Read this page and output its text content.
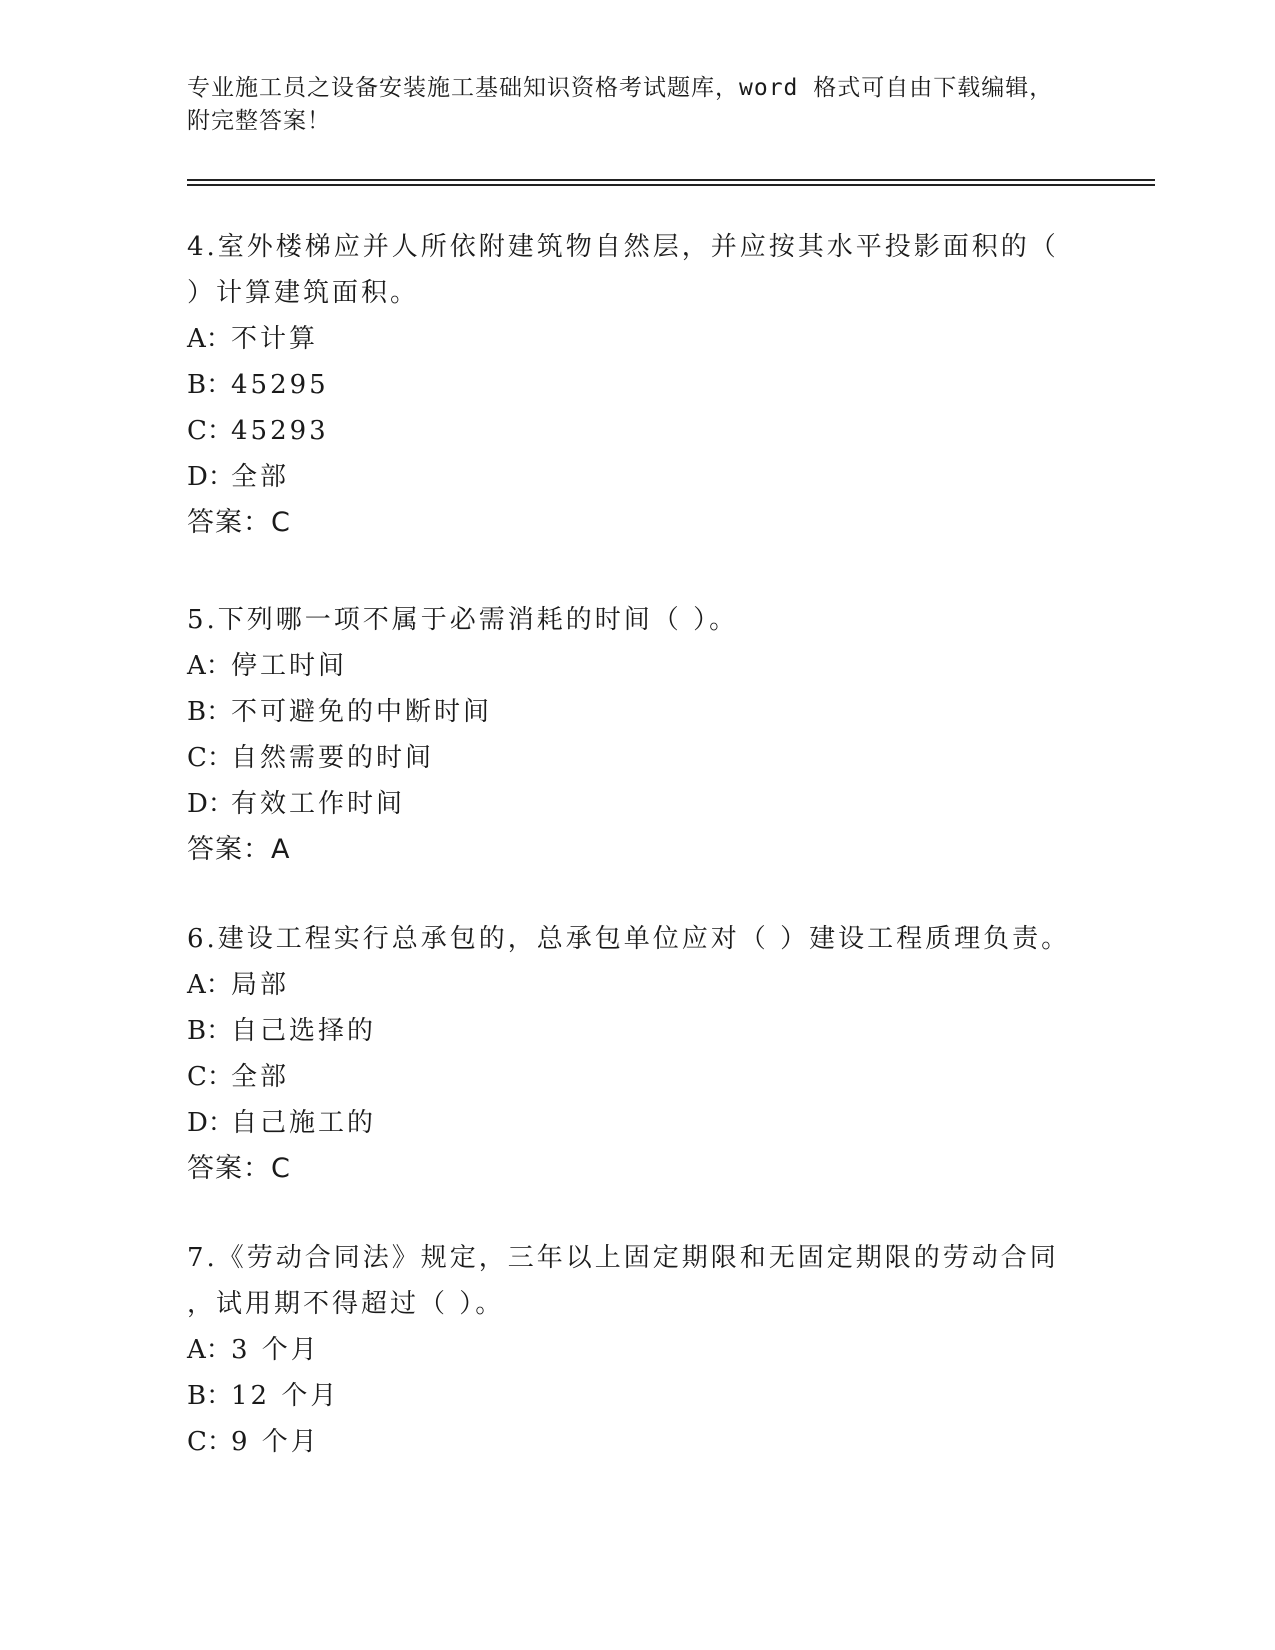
专业施工员之设备安装施工基础知识资格考试题库，word 格式可自由下载编辑，
附完整答案！

4.室外楼梯应并人所依附建筑物自然层，并应按其水平投影面积的（

）计算建筑面积。

A：不计算

B：45295

C：45293

D：全部

答案：C

5.下列哪一项不属于必需消耗的时间（ ）。

A：停工时间

B：不可避免的中断时间

C：自然需要的时间

D：有效工作时间

答案：A

6.建设工程实行总承包的，总承包单位应对（ ）建设工程质理负责。

A：局部

B：自己选择的

C：全部

D：自己施工的

答案：C

7.《劳动合同法》规定，三年以上固定期限和无固定期限的劳动合同

，试用期不得超过（ ）。

A：3 个月

B：12 个月

C：9 个月
